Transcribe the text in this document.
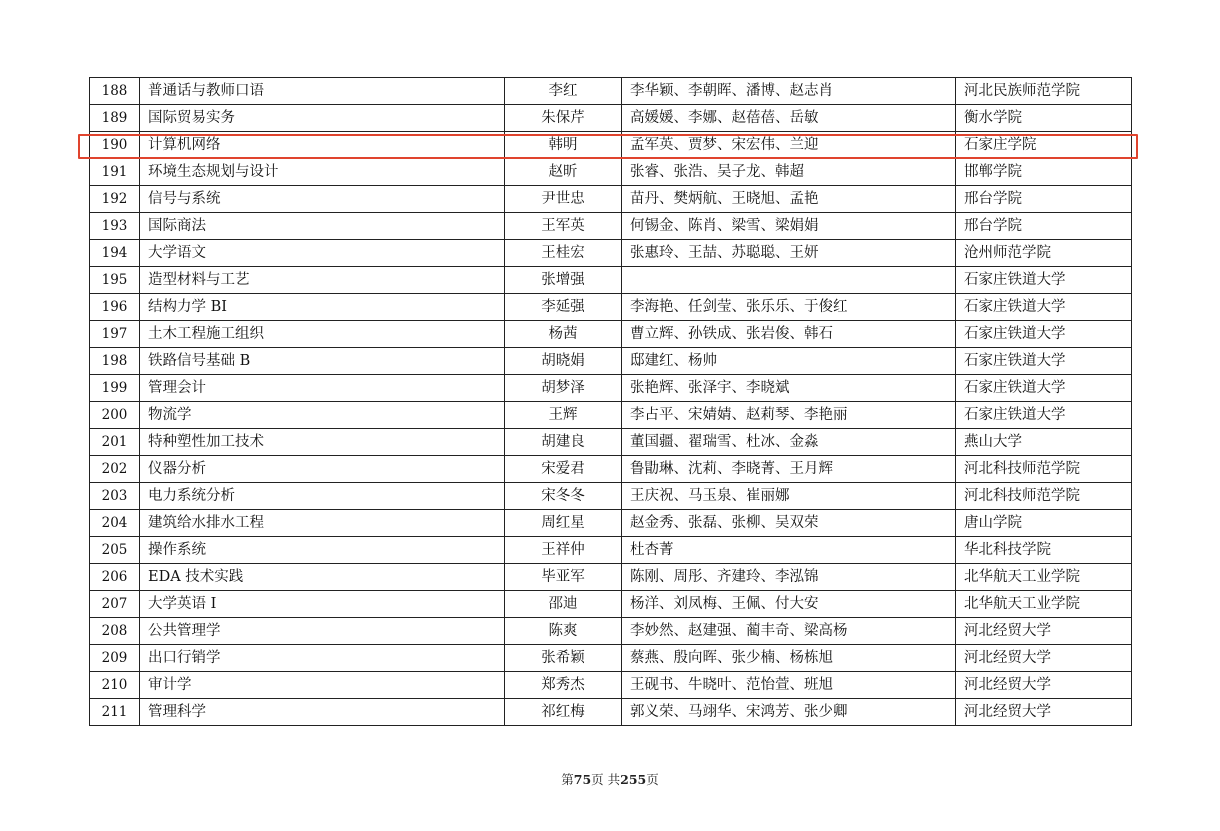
188	普通话与教师口语	李红	李华颖、李朝晖、潘博、赵志肖	河北民族师范学院
189	国际贸易实务	朱保芹	高媛媛、李娜、赵蓓蓓、岳敏	衡水学院
190	计算机网络	韩明	孟军英、贾梦、宋宏伟、兰迎	石家庄学院
191	环境生态规划与设计	赵昕	张睿、张浩、吴子龙、韩超	邯郸学院
192	信号与系统	尹世忠	苗丹、樊炳航、王晓旭、孟艳	邢台学院
193	国际商法	王军英	何锡金、陈肖、梁雪、梁娟娟	邢台学院
194	大学语文	王桂宏	张惠玲、王喆、苏聪聪、王妍	沧州师范学院
195	造型材料与工艺	张增强		石家庄铁道大学
196	结构力学 BI	李延强	李海艳、任剑莹、张乐乐、于俊红	石家庄铁道大学
197	土木工程施工组织	杨茜	曹立辉、孙铁成、张岩俊、韩石	石家庄铁道大学
198	铁路信号基础 B	胡晓娟	邸建红、杨帅	石家庄铁道大学
199	管理会计	胡梦泽	张艳辉、张泽宇、李晓斌	石家庄铁道大学
200	物流学	王辉	李占平、宋婧婧、赵莉琴、李艳丽	石家庄铁道大学
201	特种塑性加工技术	胡建良	董国疆、翟瑞雪、杜冰、金淼	燕山大学
202	仪器分析	宋爱君	鲁勖琳、沈莉、李晓菁、王月辉	河北科技师范学院
203	电力系统分析	宋冬冬	王庆祝、马玉泉、崔丽娜	河北科技师范学院
204	建筑给水排水工程	周红星	赵金秀、张磊、张柳、吴双荣	唐山学院
205	操作系统	王祥仲	杜杏菁	华北科技学院
206	EDA 技术实践	毕亚军	陈刚、周彤、齐建玲、李泓锦	北华航天工业学院
207	大学英语 I	邵迪	杨洋、刘凤梅、王佩、付大安	北华航天工业学院
208	公共管理学	陈爽	李妙然、赵建强、蔺丰奇、梁高杨	河北经贸大学
209	出口行销学	张希颖	蔡燕、殷向晖、张少楠、杨栋旭	河北经贸大学
210	审计学	郑秀杰	王砚书、牛晓叶、范怡萱、班旭	河北经贸大学
211	管理科学	祁红梅	郭义荣、马翊华、宋鸿芳、张少卿	河北经贸大学
第75页 共255页
